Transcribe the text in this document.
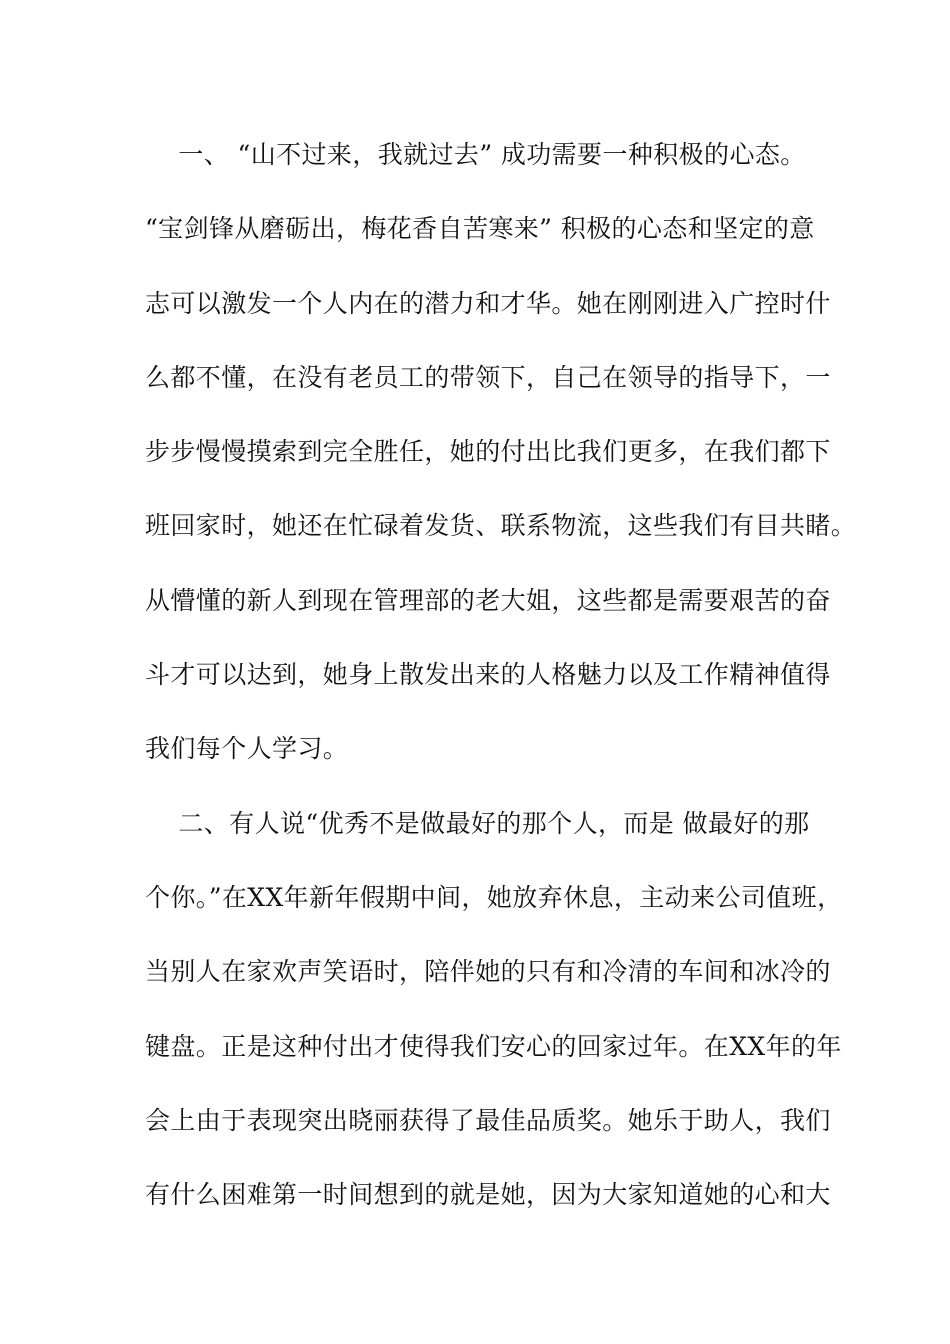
一、 “山不过来，我就过去” 成功需要一种积极的心态。
“宝剑锋从磨砺出，梅花香自苦寒来” 积极的心态和坚定的意
志可以激发一个人内在的潜力和才华。她在刚刚进入广控时什
么都不懂，在没有老员工的带领下，自己在领导的指导下，一
步步慢慢摸索到完全胜任，她的付出比我们更多，在我们都下
班回家时，她还在忙碌着发货、联系物流，这些我们有目共睹。
从懵懂的新人到现在管理部的老大姐，这些都是需要艰苦的奋
斗才可以达到，她身上散发出来的人格魅力以及工作精神值得
我们每个人学习。
二、有人说“优秀不是做最好的那个人，而是 做最好的那
个你。”在XX年新年假期中间，她放弃休息，主动来公司值班，
当别人在家欢声笑语时，陪伴她的只有和冷清的车间和冰冷的
键盘。正是这种付出才使得我们安心的回家过年。在XX年的年
会上由于表现突出晓丽获得了最佳品质奖。她乐于助人，我们
有什么困难第一时间想到的就是她，因为大家知道她的心和大
